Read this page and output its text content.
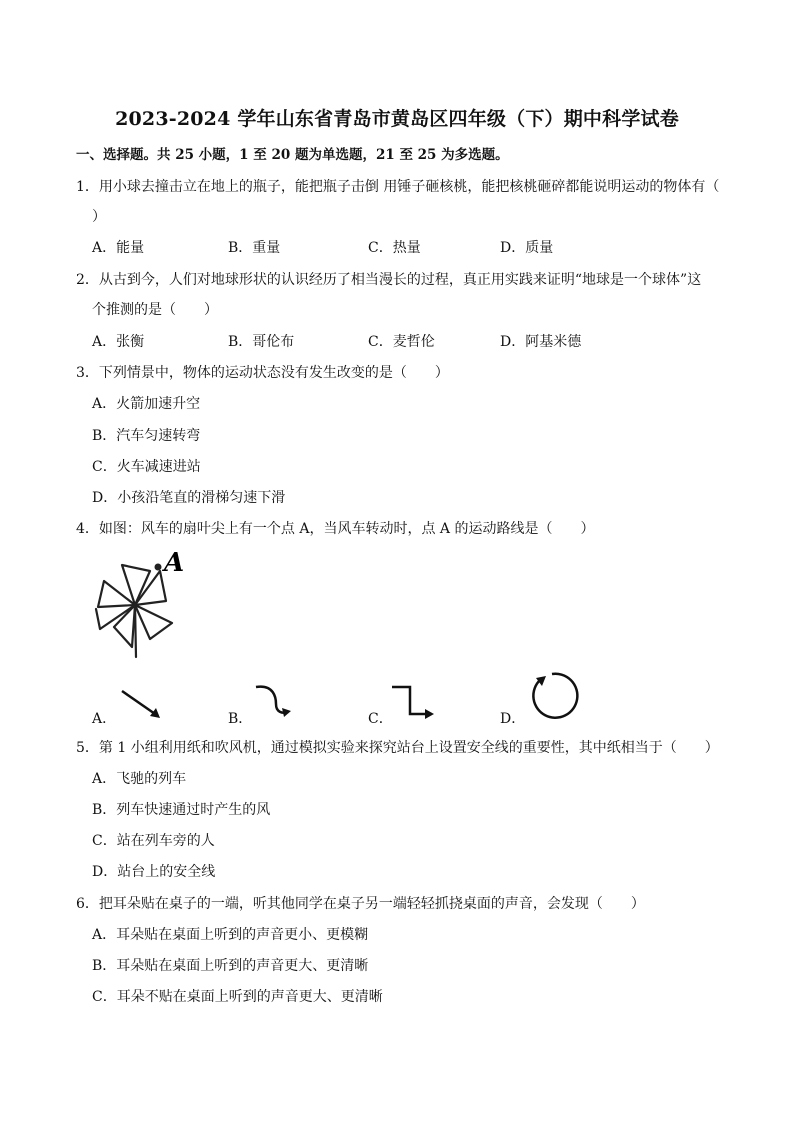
2023-2024 学年山东省青岛市黄岛区四年级（下）期中科学试卷
一、选择题。共 25 小题，1 至 20 题为单选题，21 至 25 为多选题。
1．用小球去撞击立在地上的瓶子，能把瓶子击倒 用锤子砸核桃，能把核桃砸碎都能说明运动的物体有（
）
A．能量	B．重量	C．热量	D．质量
2．从古到今，人们对地球形状的认识经历了相当漫长的过程，真正用实践来证明“地球是一个球体”这
个推测的是（　　）
A．张衡	B．哥伦布	C．麦哲伦	D．阿基米德
3．下列情景中，物体的运动状态没有发生改变的是（　　）
A．火箭加速升空
B．汽车匀速转弯
C．火车减速进站
D．小孩沿笔直的滑梯匀速下滑
4．如图：风车的扇叶尖上有一个点 A，当风车转动时，点 A 的运动路线是（　　）
A
A．	B．	C．	D．
5．第 1 小组利用纸和吹风机，通过模拟实验来探究站台上设置安全线的重要性，其中纸相当于（　　）
A．飞驰的列车
B．列车快速通过时产生的风
C．站在列车旁的人
D．站台上的安全线
6．把耳朵贴在桌子的一端，听其他同学在桌子另一端轻轻抓挠桌面的声音，会发现（　　）
A．耳朵贴在桌面上听到的声音更小、更模糊
B．耳朵贴在桌面上听到的声音更大、更清晰
C．耳朵不贴在桌面上听到的声音更大、更清晰
